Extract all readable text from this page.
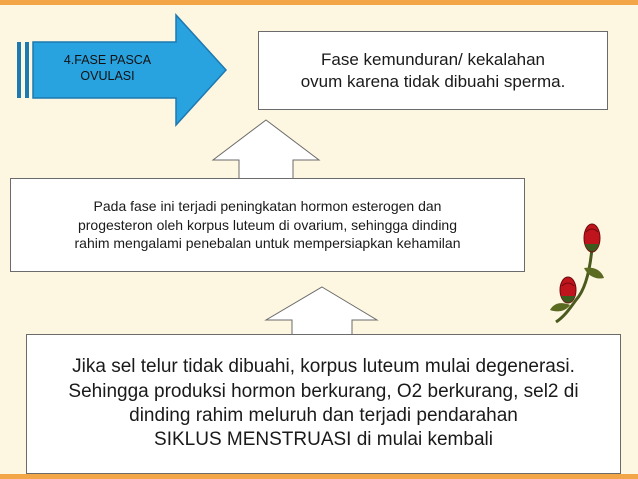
4.FASE PASCA
OVULASI
Fase kemunduran/ kekalahan
ovum karena tidak dibuahi sperma.
Pada fase ini terjadi peningkatan hormon esterogen dan
progesteron oleh korpus luteum di ovarium, sehingga dinding
rahim mengalami penebalan untuk mempersiapkan kehamilan
Jika sel telur tidak dibuahi, korpus luteum mulai degenerasi.
Sehingga produksi hormon berkurang, O2 berkurang, sel2 di
dinding rahim meluruh dan terjadi pendarahan
SIKLUS MENSTRUASI di mulai kembali
